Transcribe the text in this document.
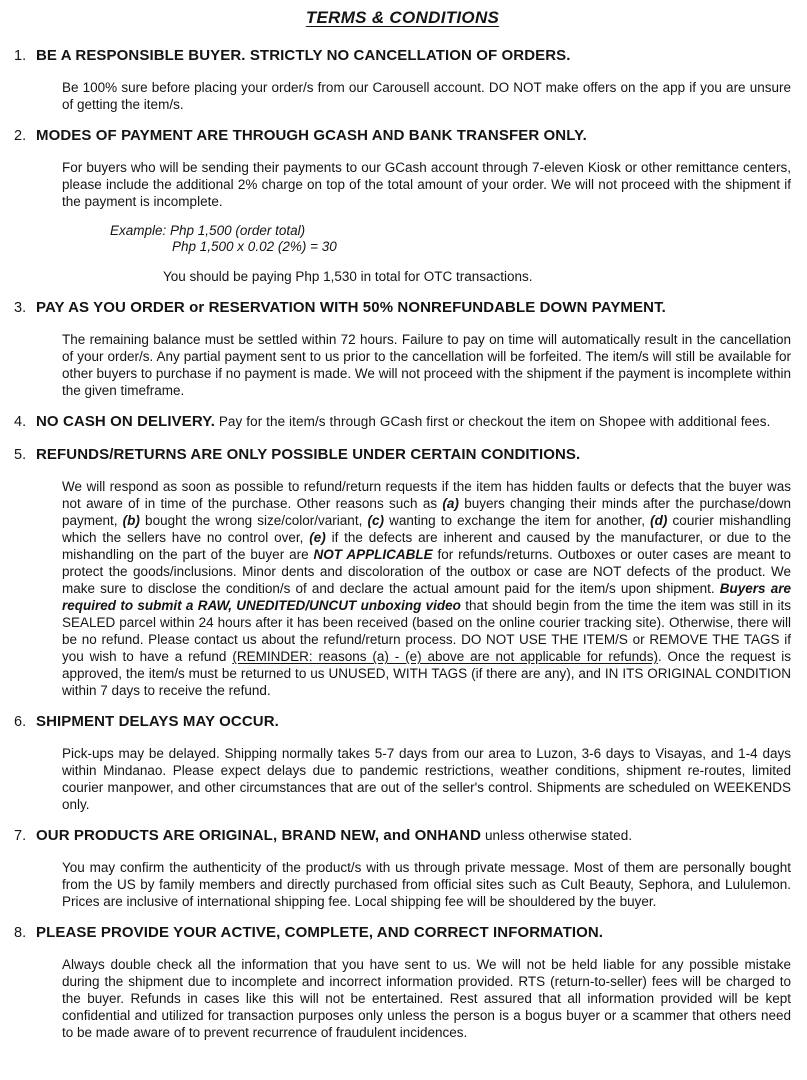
TERMS & CONDITIONS
1. BE A RESPONSIBLE BUYER. STRICTLY NO CANCELLATION OF ORDERS.

Be 100% sure before placing your order/s from our Carousell account. DO NOT make offers on the app if you are unsure of getting the item/s.

2. MODES OF PAYMENT ARE THROUGH GCASH AND BANK TRANSFER ONLY.

For buyers who will be sending their payments to our GCash account through 7-eleven Kiosk or other remittance centers, please include the additional 2% charge on top of the total amount of your order. We will not proceed with the shipment if the payment is incomplete.

Example: Php 1,500 (order total)
Php 1,500 x 0.02 (2%) = 30
You should be paying Php 1,530 in total for OTC transactions.
3. PAY AS YOU ORDER or RESERVATION WITH 50% NONREFUNDABLE DOWN PAYMENT.

The remaining balance must be settled within 72 hours. Failure to pay on time will automatically result in the cancellation of your order/s. Any partial payment sent to us prior to the cancellation will be forfeited. The item/s will still be available for other buyers to purchase if no payment is made. We will not proceed with the shipment if the payment is incomplete within the given timeframe.

4. NO CASH ON DELIVERY. Pay for the item/s through GCash first or checkout the item on Shopee with additional fees.
5. REFUNDS/RETURNS ARE ONLY POSSIBLE UNDER CERTAIN CONDITIONS.

We will respond as soon as possible to refund/return requests if the item has hidden faults or defects that the buyer was not aware of in time of the purchase. Other reasons such as (a) buyers changing their minds after the purchase/down payment, (b) bought the wrong size/color/variant, (c) wanting to exchange the item for another, (d) courier mishandling which the sellers have no control over, (e) if the defects are inherent and caused by the manufacturer, or due to the mishandling on the part of the buyer are NOT APPLICABLE for refunds/returns. Outboxes or outer cases are meant to protect the goods/inclusions. Minor dents and discoloration of the outbox or case are NOT defects of the product. We make sure to disclose the condition/s of and declare the actual amount paid for the item/s upon shipment. Buyers are required to submit a RAW, UNEDITED/UNCUT unboxing video that should begin from the time the item was still in its SEALED parcel within 24 hours after it has been received (based on the online courier tracking site). Otherwise, there will be no refund. Please contact us about the refund/return process. DO NOT USE THE ITEM/S or REMOVE THE TAGS if you wish to have a refund (REMINDER: reasons (a) - (e) above are not applicable for refunds). Once the request is approved, the item/s must be returned to us UNUSED, WITH TAGS (if there are any), and IN ITS ORIGINAL CONDITION within 7 days to receive the refund.

6. SHIPMENT DELAYS MAY OCCUR.

Pick-ups may be delayed. Shipping normally takes 5-7 days from our area to Luzon, 3-6 days to Visayas, and 1-4 days within Mindanao. Please expect delays due to pandemic restrictions, weather conditions, shipment re-routes, limited courier manpower, and other circumstances that are out of the seller's control. Shipments are scheduled on WEEKENDS only.

7. OUR PRODUCTS ARE ORIGINAL, BRAND NEW, and ONHAND unless otherwise stated.

You may confirm the authenticity of the product/s with us through private message. Most of them are personally bought from the US by family members and directly purchased from official sites such as Cult Beauty, Sephora, and Lululemon. Prices are inclusive of international shipping fee. Local shipping fee will be shouldered by the buyer.

8. PLEASE PROVIDE YOUR ACTIVE, COMPLETE, AND CORRECT INFORMATION.

Always double check all the information that you have sent to us. We will not be held liable for any possible mistake during the shipment due to incomplete and incorrect information provided. RTS (return-to-seller) fees will be charged to the buyer. Refunds in cases like this will not be entertained. Rest assured that all information provided will be kept confidential and utilized for transaction purposes only unless the person is a bogus buyer or a scammer that others need to be made aware of to prevent recurrence of fraudulent incidences.
